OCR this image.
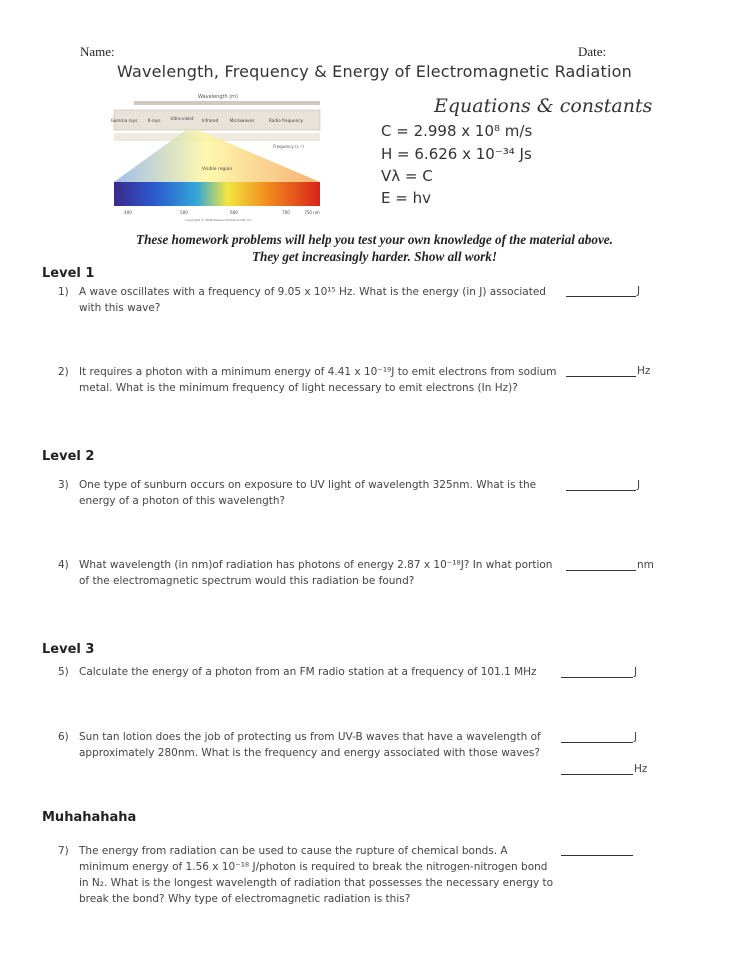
Name:	Date:
Wavelength, Frequency & Energy of Electromagnetic Radiation
Wavelength (m)
Gamma rays X-rays Ultra-violet Infrared	Microwaves	Radio frequency
Frequency (s⁻¹)
Visible region
400	500	600	700	750 nm
Copyright © 2006 Pearson Prentice Hall, Inc.
Equations & constants
C = 2.998 x 10⁸ m/s
H = 6.626 x 10⁻³⁴ Js
Vλ = C
E = hv
These homework problems will help you test your own knowledge of the material above.
They get increasingly harder. Show all work!
Level 1
1) A wave oscillates with a frequency of 9.05 x 10¹⁵ Hz. What is the energy (in J) associated
with this wave?
J
2) It requires a photon with a minimum energy of 4.41 x 10⁻¹⁹J to emit electrons from sodium
metal. What is the minimum frequency of light necessary to emit electrons (In Hz)?
Hz
Level 2
3) One type of sunburn occurs on exposure to UV light of wavelength 325nm. What is the
energy of a photon of this wavelength?
J
4) What wavelength (in nm)of radiation has photons of energy 2.87 x 10⁻¹⁸J? In what portion
of the electromagnetic spectrum would this radiation be found?
nm
Level 3
5) Calculate the energy of a photon from an FM radio station at a frequency of 101.1 MHz	J
6) Sun tan lotion does the job of protecting us from UV-B waves that have a wavelength of
approximately 280nm. What is the frequency and energy associated with those waves?
J
Hz
Muhahahaha
7) The energy from radiation can be used to cause the rupture of chemical bonds. A
minimum energy of 1.56 x 10⁻¹⁸ J/photon is required to break the nitrogen-nitrogen bond
in N₂. What is the longest wavelength of radiation that possesses the necessary energy to
break the bond? Why type of electromagnetic radiation is this?
